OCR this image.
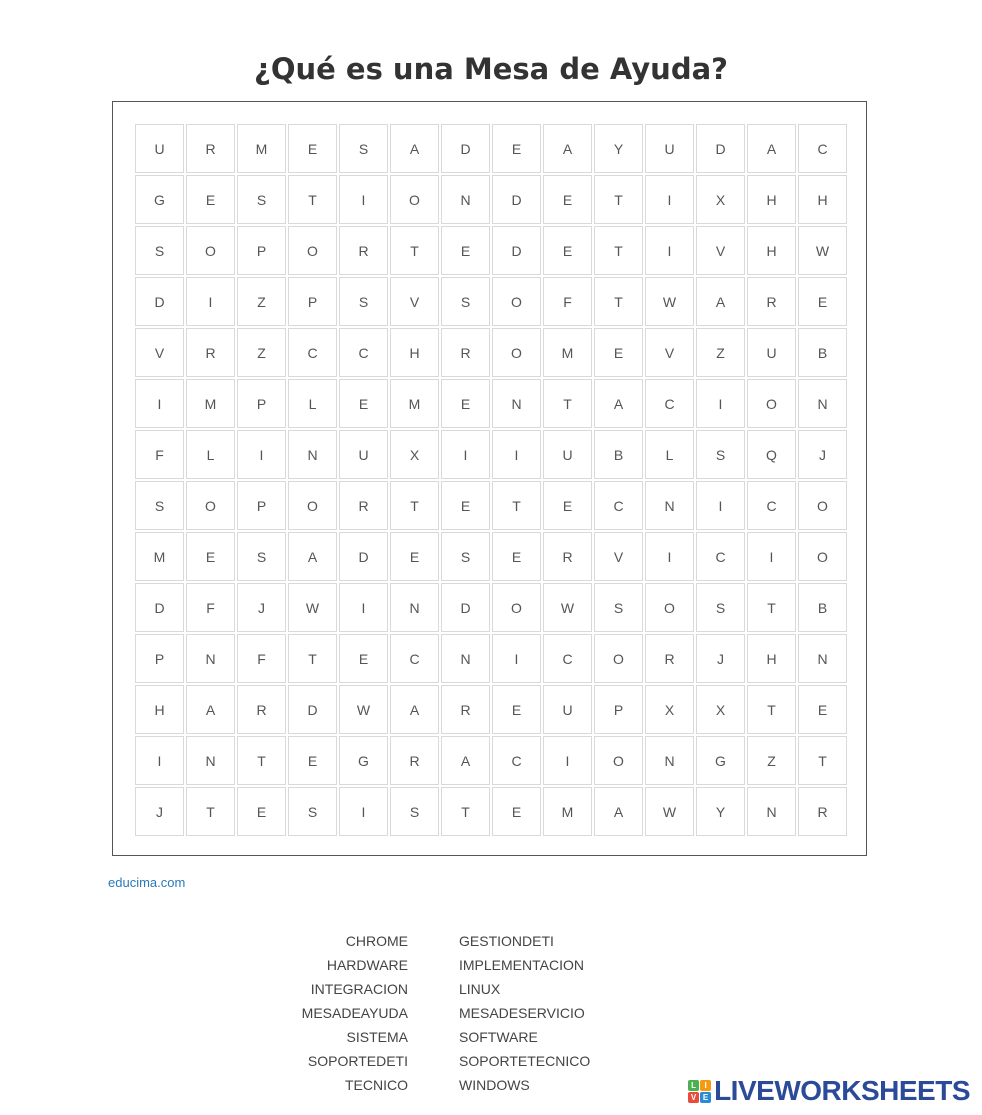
¿Qué es una Mesa de Ayuda?
U	R	M	E	S	A	D	E	A	Y	U	D	A	C
G	E	S	T	I	O	N	D	E	T	I	X	H	H
S	O	P	O	R	T	E	D	E	T	I	V	H	W
D	I	Z	P	S	V	S	O	F	T	W	A	R	E
V	R	Z	C	C	H	R	O	M	E	V	Z	U	B
I	M	P	L	E	M	E	N	T	A	C	I	O	N
F	L	I	N	U	X	I	I	U	B	L	S	Q	J
S	O	P	O	R	T	E	T	E	C	N	I	C	O
M	E	S	A	D	E	S	E	R	V	I	C	I	O
D	F	J	W	I	N	D	O	W	S	O	S	T	B
P	N	F	T	E	C	N	I	C	O	R	J	H	N
H	A	R	D	W	A	R	E	U	P	X	X	T	E
I	N	T	E	G	R	A	C	I	O	N	G	Z	T
J	T	E	S	I	S	T	E	M	A	W	Y	N	R
educima.com
CHROME
HARDWARE
INTEGRACION
MESADEAYUDA
SISTEMA
SOPORTEDETI
TECNICO
GESTIONDETI
IMPLEMENTACION
LINUX
MESADESERVICIO
SOFTWARE
SOPORTETECNICO
WINDOWS	L	I
V E LIVEWORKSHEETS
